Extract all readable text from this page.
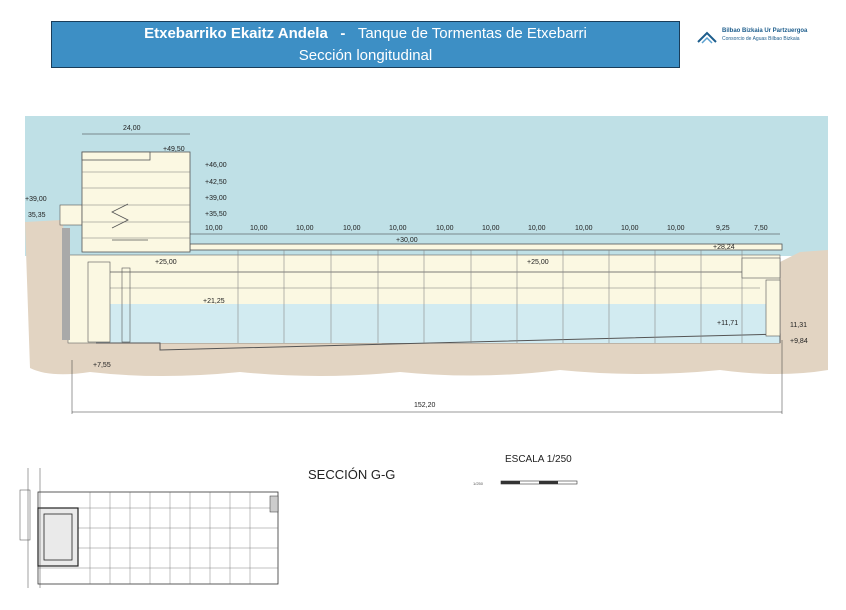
Etxebarriko Ekaitz Andela - Tanque de Tormentas de Etxebarri
Sección longitudinal
Bilbao Bizkaia Ur Partzuergoa
Consorcio de Aguas Bilbao Bizkaia
24,00
+49,50
+46,00
+42,50
+39,00
+35,50
+39,00
35,35
+30,00
+28,24
+25,00	+25,00
+21,25
+11,71	11,31
+9,84
+7,55
152,20
10,00	10,00	10,00	10,00	10,00	10,00	10,00	10,00	10,00	10,00	10,00	9,25	7,50
SECCIÓN G-G
ESCALA 1/250
1/250
